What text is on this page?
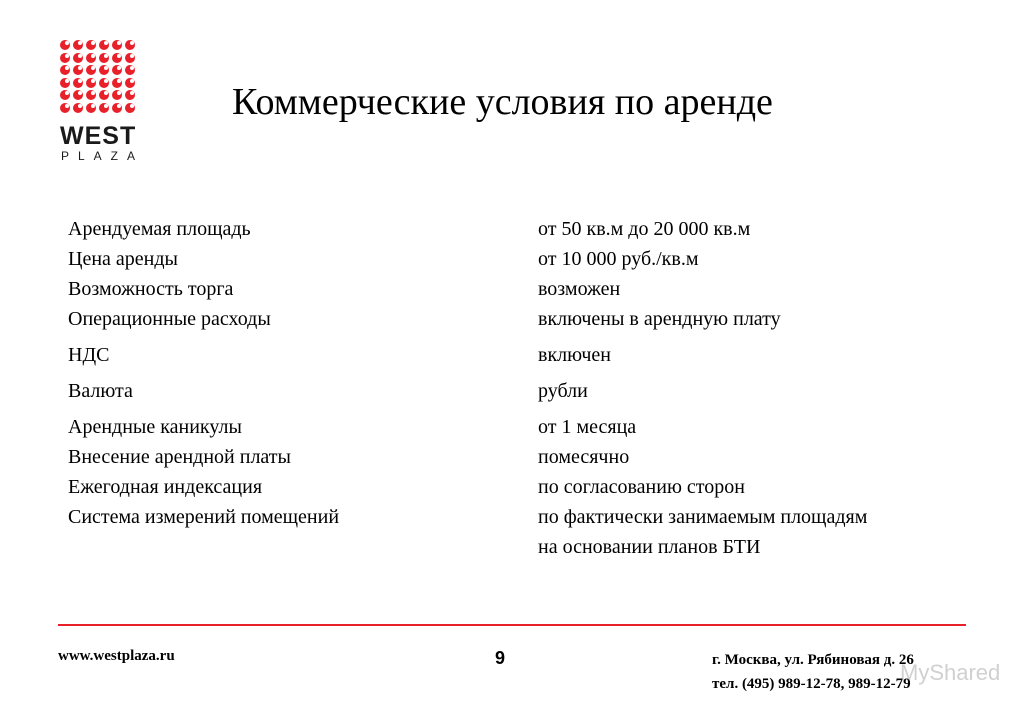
WEST
PLAZA
Коммерческие условия по аренде
Арендуемая площадь	от 50 кв.м до 20 000 кв.м
Цена аренды	от 10 000 руб./кв.м
Возможность торга	возможен
Операционные расходы	включены в арендную плату
НДС	включен
Валюта	рубли
Арендные каникулы	от 1 месяца
Внесение арендной платы	помесячно
Ежегодная индексация	по согласованию сторон
Система измерений помещений	по фактически занимаемым площадям
на основании планов БТИ
www.westplaza.ru	9	г. Москва, ул. Рябиновая д. 26
тел. (495) 989-12-78, 989-12-79
MyShared
